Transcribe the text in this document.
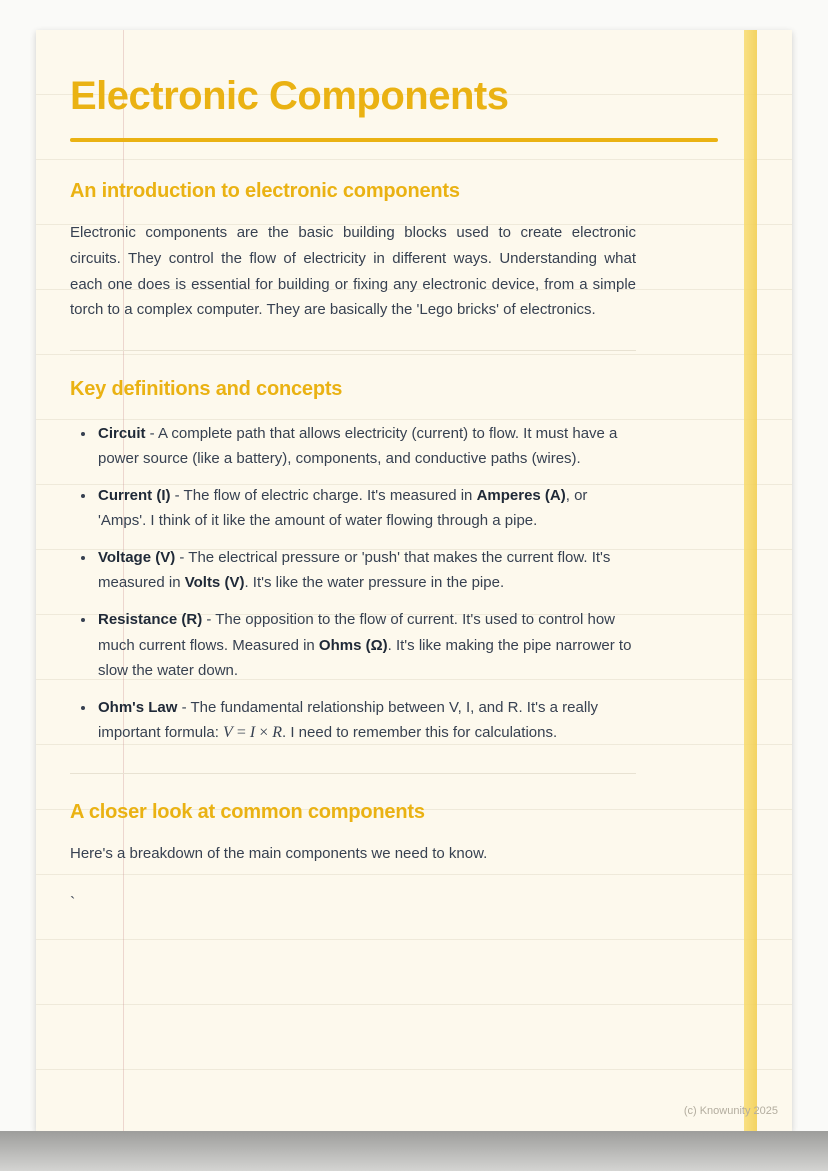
Electronic Components
An introduction to electronic components

Electronic components are the basic building blocks used to create electronic circuits. They control the flow of electricity in different ways. Understanding what each one does is essential for building or fixing any electronic device, from a simple torch to a complex computer. They are basically the 'Lego bricks' of electronics.

Key definitions and concepts
• Circuit - A complete path that allows electricity (current) to flow. It must have a power source (like a battery), components, and conductive paths (wires).
• Current (I) - The flow of electric charge. It's measured in Amperes (A), or 'Amps'. I think of it like the amount of water flowing through a pipe.
• Voltage (V) - The electrical pressure or 'push' that makes the current flow. It's measured in Volts (V). It's like the water pressure in the pipe.
• Resistance (R) - The opposition to the flow of current. It's used to control how much current flows. Measured in Ohms (Ω). It's like making the pipe narrower to slow the water down.
• Ohm's Law - The fundamental relationship between V, I, and R. It's a really important formula: V = I × R. I need to remember this for calculations.
A closer look at common components

Here's a breakdown of the main components we need to know.

`

(c) Knowunity 2025
